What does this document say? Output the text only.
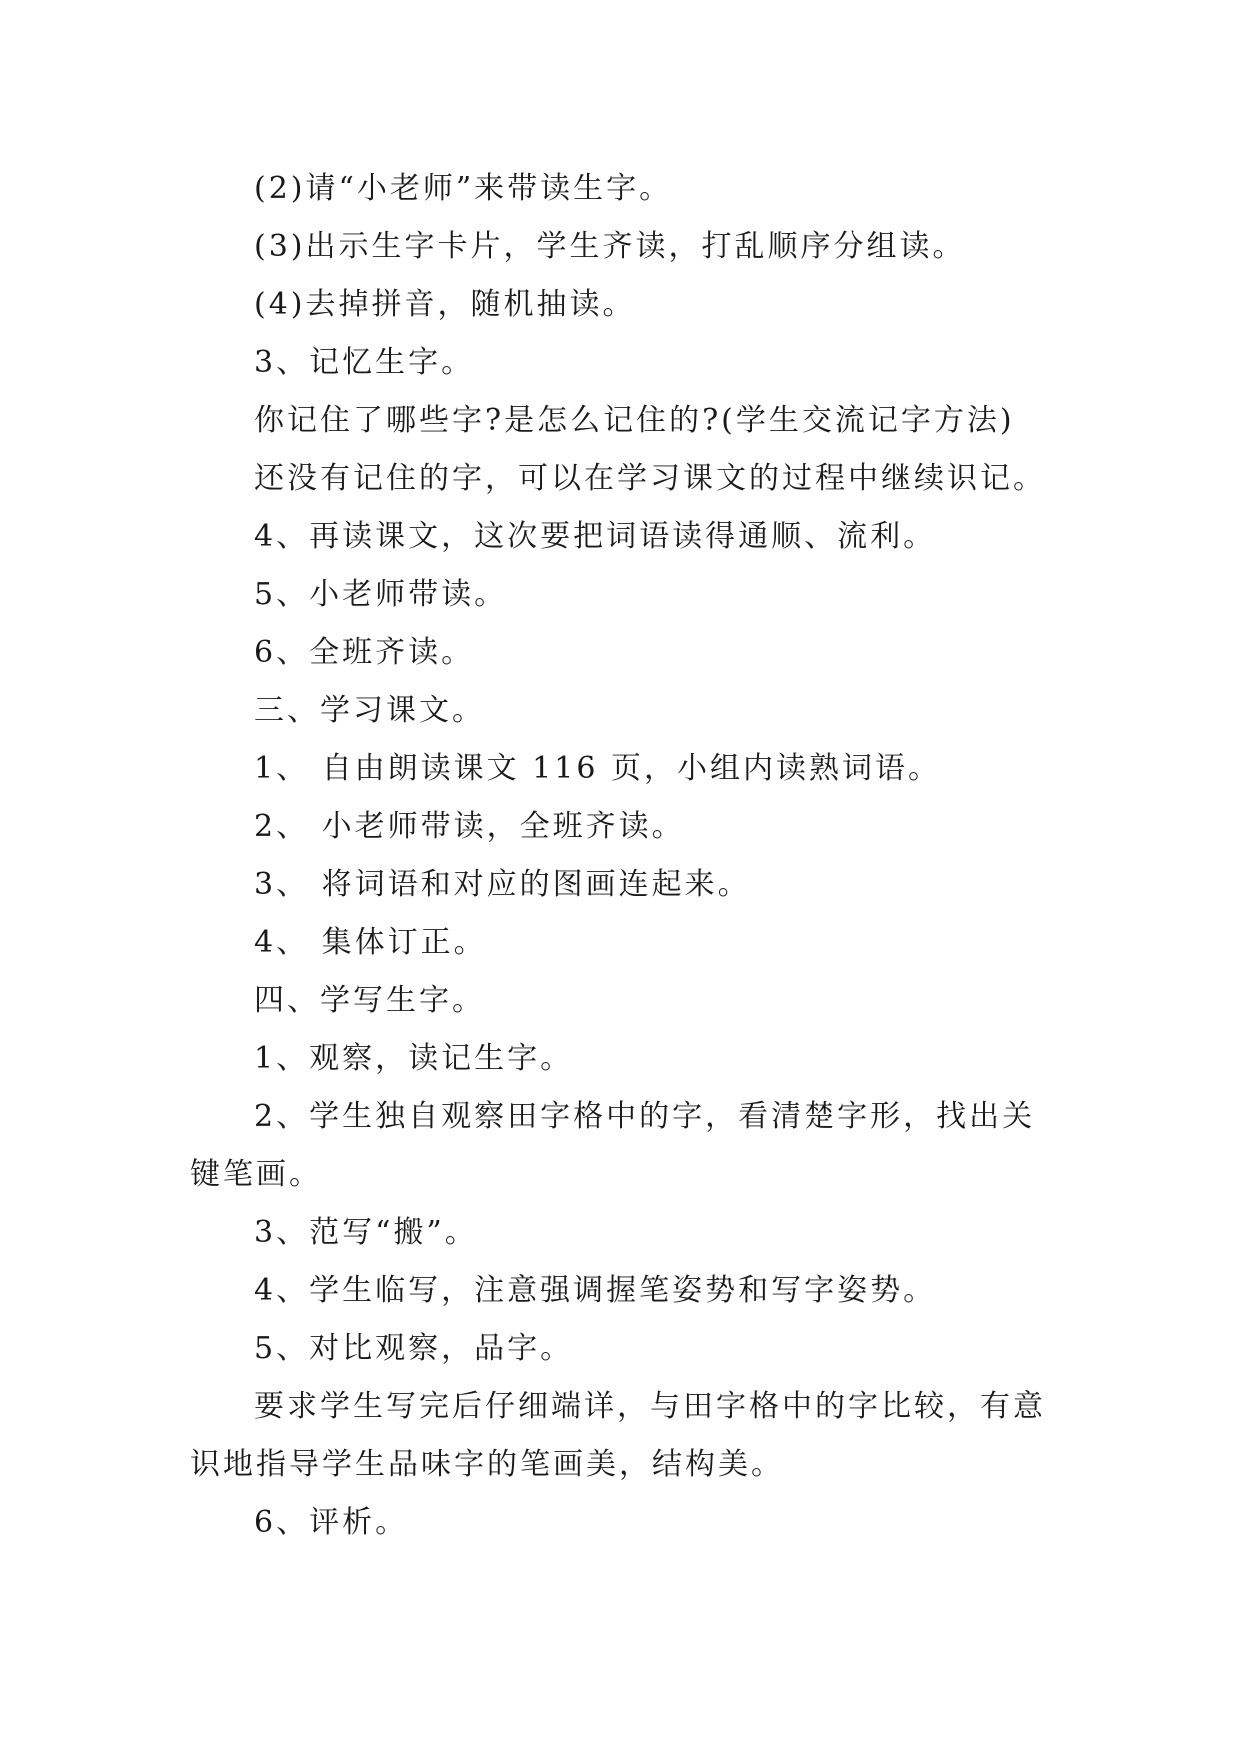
(2)请“小老师”来带读生字。
(3)出示生字卡片，学生齐读，打乱顺序分组读。
(4)去掉拼音，随机抽读。
3、记忆生字。
你记住了哪些字?是怎么记住的?(学生交流记字方法)
还没有记住的字，可以在学习课文的过程中继续识记。
4、再读课文，这次要把词语读得通顺、流利。
5、小老师带读。
6、全班齐读。
三、学习课文。
1、 自由朗读课文 116 页，小组内读熟词语。
2、 小老师带读，全班齐读。
3、 将词语和对应的图画连起来。
4、 集体订正。
四、学写生字。
1、观察，读记生字。
2、学生独自观察田字格中的字，看清楚字形，找出关
键笔画。
3、范写“搬”。
4、学生临写，注意强调握笔姿势和写字姿势。
5、对比观察，品字。
要求学生写完后仔细端详，与田字格中的字比较，有意
识地指导学生品味字的笔画美，结构美。
6、评析。
